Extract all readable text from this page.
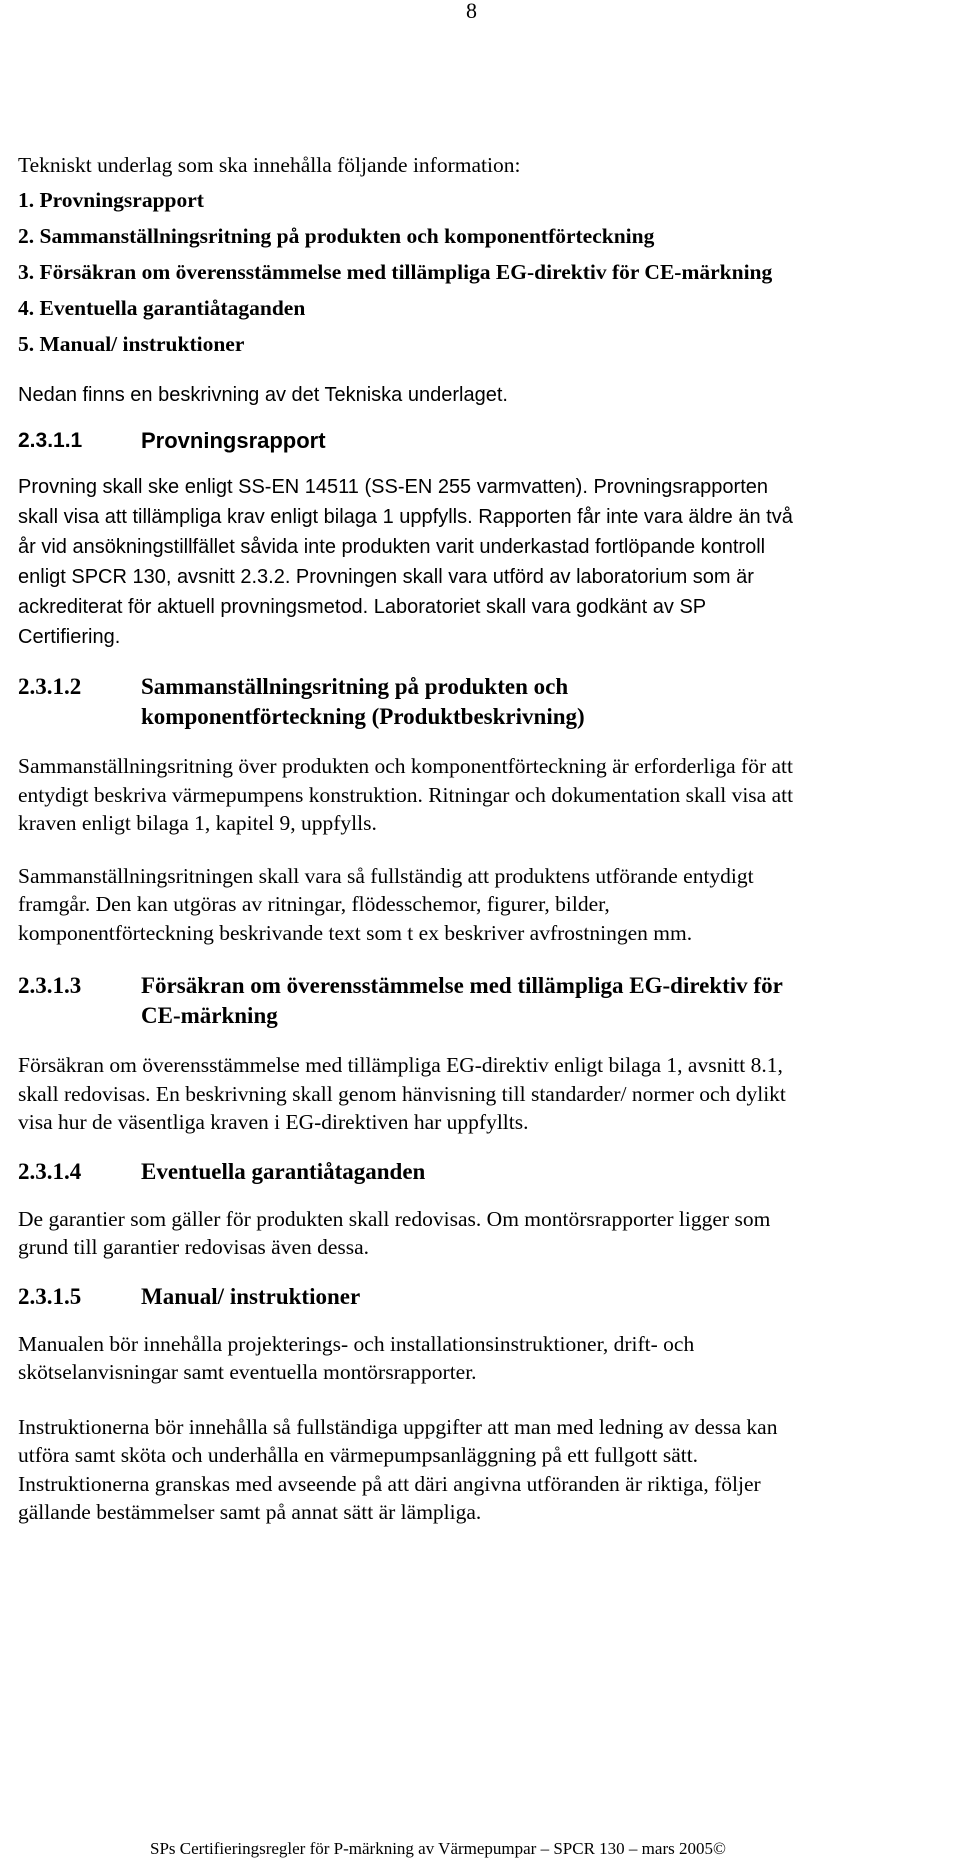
8
Tekniskt underlag som ska innehålla följande information:
1. Provningsrapport
2. Sammanställningsritning på produkten och komponentförteckning
3. Försäkran om överensstämmelse med tillämpliga EG-direktiv för CE-märkning
4. Eventuella garantiåtaganden
5. Manual/ instruktioner
Nedan finns en beskrivning av det Tekniska underlaget.
2.3.1.1	Provningsrapport
Provning skall ske enligt SS-EN 14511 (SS-EN 255 varmvatten). Provningsrapporten
skall visa att tillämpliga krav enligt bilaga 1 uppfylls. Rapporten får inte vara äldre än två
år vid ansökningstillfället såvida inte produkten varit underkastad fortlöpande kontroll
enligt SPCR 130, avsnitt 2.3.2. Provningen skall vara utförd av laboratorium som är
ackrediterat för aktuell provningsmetod. Laboratoriet skall vara godkänt av SP
Certifiering.
2.3.1.2	Sammanställningsritning på produkten och
komponentförteckning (Produktbeskrivning)
Sammanställningsritning över produkten och komponentförteckning är erforderliga för att
entydigt beskriva värmepumpens konstruktion. Ritningar och dokumentation skall visa att
kraven enligt bilaga 1, kapitel 9, uppfylls.
Sammanställningsritningen skall vara så fullständig att produktens utförande entydigt
framgår. Den kan utgöras av ritningar, flödesschemor, figurer, bilder,
komponentförteckning beskrivande text som t ex beskriver avfrostningen mm.
2.3.1.3	Försäkran om överensstämmelse med tillämpliga EG-direktiv för
CE-märkning
Försäkran om överensstämmelse med tillämpliga EG-direktiv enligt bilaga 1, avsnitt 8.1,
skall redovisas. En beskrivning skall genom hänvisning till standarder/ normer och dylikt
visa hur de väsentliga kraven i EG-direktiven har uppfyllts.
2.3.1.4	Eventuella garantiåtaganden
De garantier som gäller för produkten skall redovisas. Om montörsrapporter ligger som
grund till garantier redovisas även dessa.
2.3.1.5	Manual/ instruktioner
Manualen bör innehålla projekterings- och installationsinstruktioner, drift- och
skötselanvisningar samt eventuella montörsrapporter.
Instruktionerna bör innehålla så fullständiga uppgifter att man med ledning av dessa kan
utföra samt sköta och underhålla en värmepumpsanläggning på ett fullgott sätt.
Instruktionerna granskas med avseende på att däri angivna utföranden är riktiga, följer
gällande bestämmelser samt på annat sätt är lämpliga.
SPs Certifieringsregler för P-märkning av Värmepumpar – SPCR 130 – mars 2005©
